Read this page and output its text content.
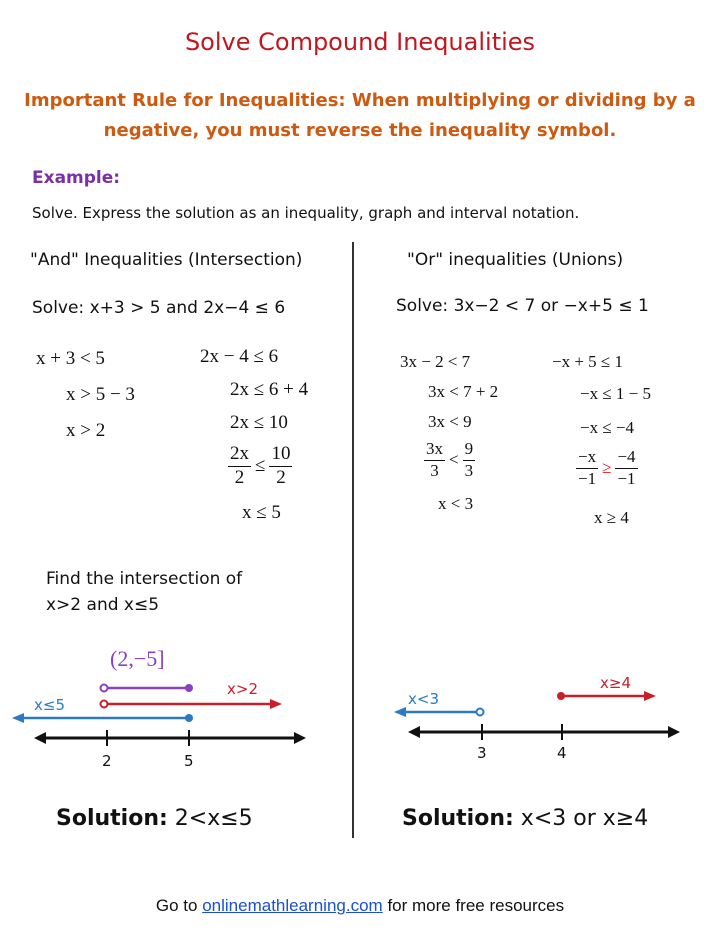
Solve Compound Inequalities
Important Rule for Inequalities: When multiplying or dividing by a negative, you must reverse the inequality symbol.
Example:
Solve. Express the solution as an inequality, graph and interval notation.
"And" Inequalities (Intersection)
Solve: x+3 > 5 and 2x−4 ≤ 6
x + 3 < 5
x > 5 − 3
x > 2
2x − 4 ≤ 6
2x ≤ 6 + 4
2x ≤ 10
$\frac{2x}{2} \le \frac{10}{2}$
x ≤ 5
Find the intersection of
x>2 and x≤5
(2,−5]
x>2
x≤5
2	5
Solution: 2<x≤5
"Or" inequalities (Unions)
Solve: 3x−2 < 7 or −x+5 ≤ 1
3x − 2 < 7
3x < 7 + 2
3x < 9
$\frac{3x}{3} < \frac{9}{3}$
x < 3
−x + 5 ≤ 1
−x ≤ 1 − 5
−x ≤ −4
$\frac{-x}{-1} \ge \frac{-4}{-1}$
x ≥ 4
x≥4
x<3
3	4
Solution: x<3 or x≥4
Go to onlinemathlearning.com for more free resources
